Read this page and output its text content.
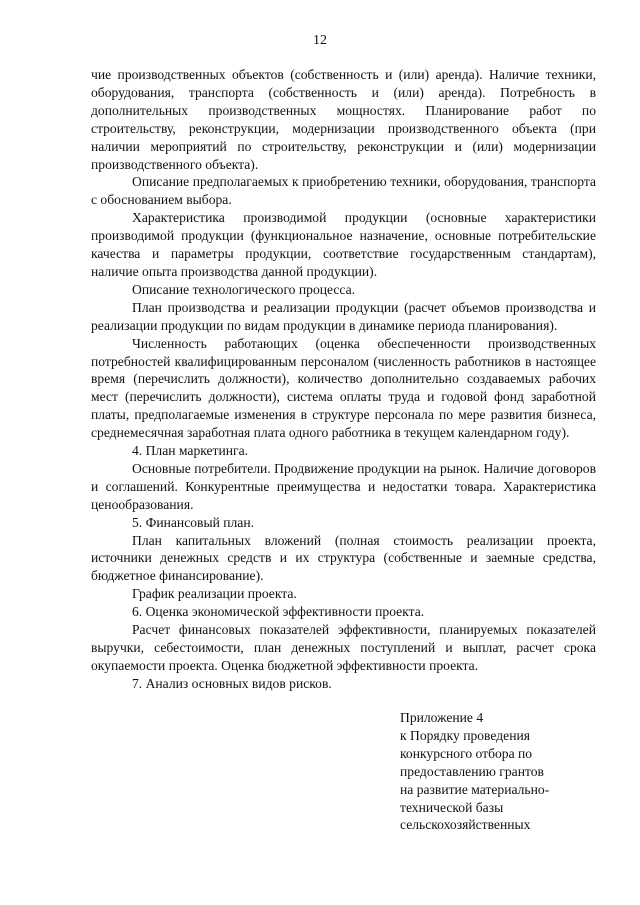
12

чие производственных объектов (собственность и (или) аренда). Наличие техники, оборудования, транспорта (собственность и (или) аренда). Потребность в дополнительных производственных мощностях. Планирование работ по строительству, реконструкции, модернизации производственного объекта (при наличии мероприятий по строительству, реконструкции и (или) модернизации производственного объекта).

Описание предполагаемых к приобретению техники, оборудования, транспорта с обоснованием выбора.

Характеристика производимой продукции (основные характеристики производимой продукции (функциональное назначение, основные потребительские качества и параметры продукции, соответствие государственным стандартам), наличие опыта производства данной продукции).

Описание технологического процесса.

План производства и реализации продукции (расчет объемов производства и реализации продукции по видам продукции в динамике периода планирования).

Численность работающих (оценка обеспеченности производственных потребностей квалифицированным персоналом (численность работников в настоящее время (перечислить должности), количество дополнительно создаваемых рабочих мест (перечислить должности), система оплаты труда и годовой фонд заработной платы, предполагаемые изменения в структуре персонала по мере развития бизнеса, среднемесячная заработная плата одного работника в текущем календарном году).

4. План маркетинга.

Основные потребители. Продвижение продукции на рынок. Наличие договоров и соглашений. Конкурентные преимущества и недостатки товара. Характеристика ценообразования.

5. Финансовый план.

План капитальных вложений (полная стоимость реализации проекта, источники денежных средств и их структура (собственные и заемные средства, бюджетное финансирование).

График реализации проекта.

6. Оценка экономической эффективности проекта.

Расчет финансовых показателей эффективности, планируемых показателей выручки, себестоимости, план денежных поступлений и выплат, расчет срока окупаемости проекта. Оценка бюджетной эффективности проекта.

7. Анализ основных видов рисков.

Приложение 4
к Порядку проведения
конкурсного отбора по
предоставлению грантов
на развитие материально-
технической базы
сельскохозяйственных
